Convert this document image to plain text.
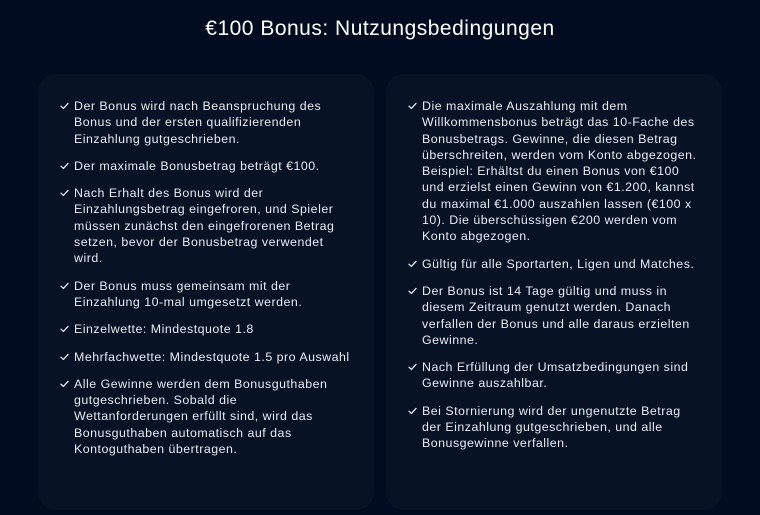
€100 Bonus: Nutzungsbedingungen
Der Bonus wird nach Beanspruchung des Bonus und der ersten qualifizierenden Einzahlung gutgeschrieben.
Der maximale Bonusbetrag beträgt €100.
Nach Erhalt des Bonus wird der Einzahlungsbetrag eingefroren, und Spieler müssen zunächst den eingefrorenen Betrag setzen, bevor der Bonusbetrag verwendet wird.
Der Bonus muss gemeinsam mit der Einzahlung 10-mal umgesetzt werden.
Einzelwette: Mindestquote 1.8
Mehrfachwette: Mindestquote 1.5 pro Auswahl
Alle Gewinne werden dem Bonusguthaben gutgeschrieben. Sobald die Wettanforderungen erfüllt sind, wird das Bonusguthaben automatisch auf das Kontoguthaben übertragen.
Die maximale Auszahlung mit dem Willkommensbonus beträgt das 10-Fache des Bonusbetrags. Gewinne, die diesen Betrag überschreiten, werden vom Konto abgezogen. Beispiel: Erhältst du einen Bonus von €100 und erzielst einen Gewinn von €1.200, kannst du maximal €1.000 auszahlen lassen (€100 x 10). Die überschüssigen €200 werden vom Konto abgezogen.
Gültig für alle Sportarten, Ligen und Matches.
Der Bonus ist 14 Tage gültig und muss in diesem Zeitraum genutzt werden. Danach verfallen der Bonus und alle daraus erzielten Gewinne.
Nach Erfüllung der Umsatzbedingungen sind Gewinne auszahlbar.
Bei Stornierung wird der ungenutzte Betrag der Einzahlung gutgeschrieben, und alle Bonusgewinne verfallen.
